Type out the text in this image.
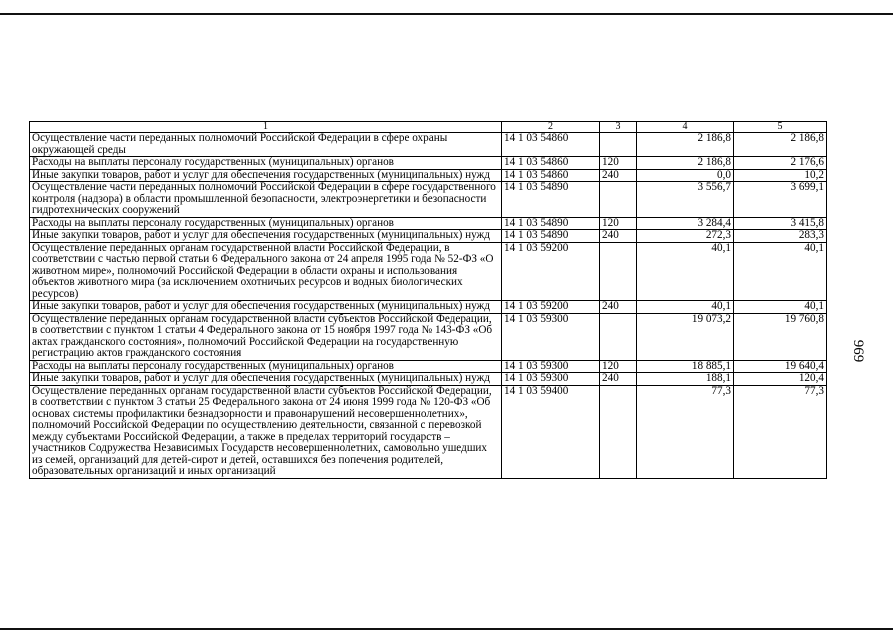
1	2	3	4	5
Осуществление части переданных полномочий Российской Федерации в сфере охраны окружающей среды	14 1 03 54860		2 186,8	2 186,8
Расходы на выплаты персоналу государственных (муниципальных) органов	14 1 03 54860	120	2 186,8	2 176,6
Иные закупки товаров, работ и услуг для обеспечения государственных (муниципальных) нужд	14 1 03 54860	240	0,0	10,2
Осуществление части переданных полномочий Российской Федерации в сфере государственного контроля (надзора) в области промышленной безопасности, электроэнергетики и безопасности гидротехнических сооружений	14 1 03 54890		3 556,7	3 699,1
Расходы на выплаты персоналу государственных (муниципальных) органов	14 1 03 54890	120	3 284,4	3 415,8
Иные закупки товаров, работ и услуг для обеспечения государственных (муниципальных) нужд	14 1 03 54890	240	272,3	283,3
Осуществление переданных органам государственной власти Российской Федерации, в соответствии с частью первой статьи 6 Федерального закона от 24 апреля 1995 года № 52-ФЗ «О животном мире», полномочий Российской Федерации в области охраны и использования объектов животного мира (за исключением охотничьих ресурсов и водных биологических ресурсов)	14 1 03 59200		40,1	40,1
Иные закупки товаров, работ и услуг для обеспечения государственных (муниципальных) нужд	14 1 03 59200	240	40,1	40,1
Осуществление переданных органам государственной власти субъектов Российской Федерации, в соответствии с пунктом 1 статьи 4 Федерального закона от 15 ноября 1997 года № 143-ФЗ «Об актах гражданского состояния», полномочий Российской Федерации на государственную регистрацию актов гражданского состояния	14 1 03 59300		19 073,2	19 760,8
Расходы на выплаты персоналу государственных (муниципальных) органов	14 1 03 59300	120	18 885,1	19 640,4
Иные закупки товаров, работ и услуг для обеспечения государственных (муниципальных) нужд	14 1 03 59300	240	188,1	120,4
Осуществление переданных органам государственной власти субъектов Российской Федерации, в соответствии с пунктом 3 статьи 25 Федерального закона от 24 июня 1999 года № 120-ФЗ «Об основах системы профилактики безнадзорности и правонарушений несовершеннолетних», полномочий Российской Федерации по осуществлению деятельности, связанной с перевозкой между субъектами Российской Федерации, а также в пределах территорий государств – участников Содружества Независимых Государств несовершеннолетних, самовольно ушедших из семей, организаций для детей-сирот и детей, оставшихся без попечения родителей, образовательных организаций и иных организаций	14 1 03 59400		77,3	77,3
969
